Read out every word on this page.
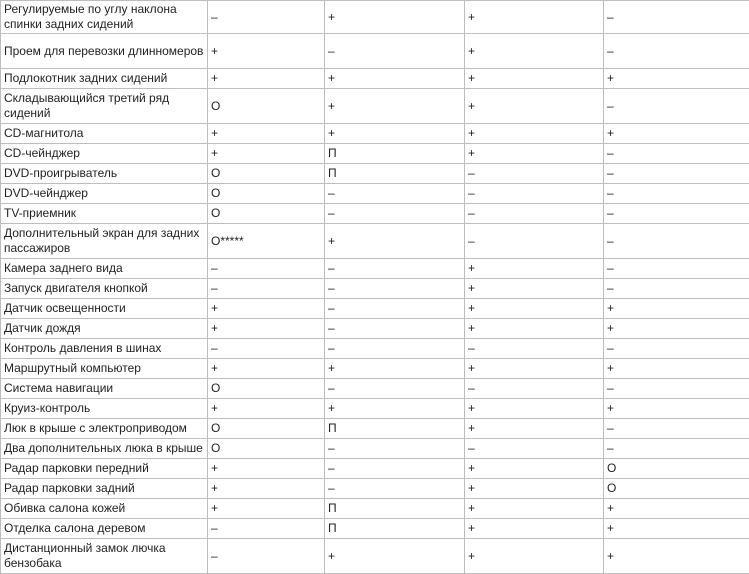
Регулируемые по углу наклона спинки задних сидений	–	+	+	–
Проем для перевозки длинномеров	+	–	+	–
Подлокотник задних сидений	+	+	+	+
Складывающийся третий ряд сидений	О	+	+	–
CD-магнитола	+	+	+	+
CD-чейнджер	+	П	+	–
DVD-проигрыватель	О	П	–	–
DVD-чейнджер	О	–	–	–
TV-приемник	О	–	–	–
Дополнительный экран для задних пассажиров	О*****	+	–	–
Камера заднего вида	–	–	+	–
Запуск двигателя кнопкой	–	–	+	–
Датчик освещенности	+	–	+	+
Датчик дождя	+	–	+	+
Контроль давления в шинах	–	–	–	–
Маршрутный компьютер	+	+	+	+
Система навигации	О	–	–	–
Круиз-контроль	+	+	+	+
Люк в крыше с электроприводом	О	П	+	–
Два дополнительных люка в крыше	О	–	–	–
Радар парковки передний	+	–	+	О
Радар парковки задний	+	–	+	О
Обивка салона кожей	+	П	+	+
Отделка салона деревом	–	П	+	+
Дистанционный замок лючка бензобака	–	+	+	+
